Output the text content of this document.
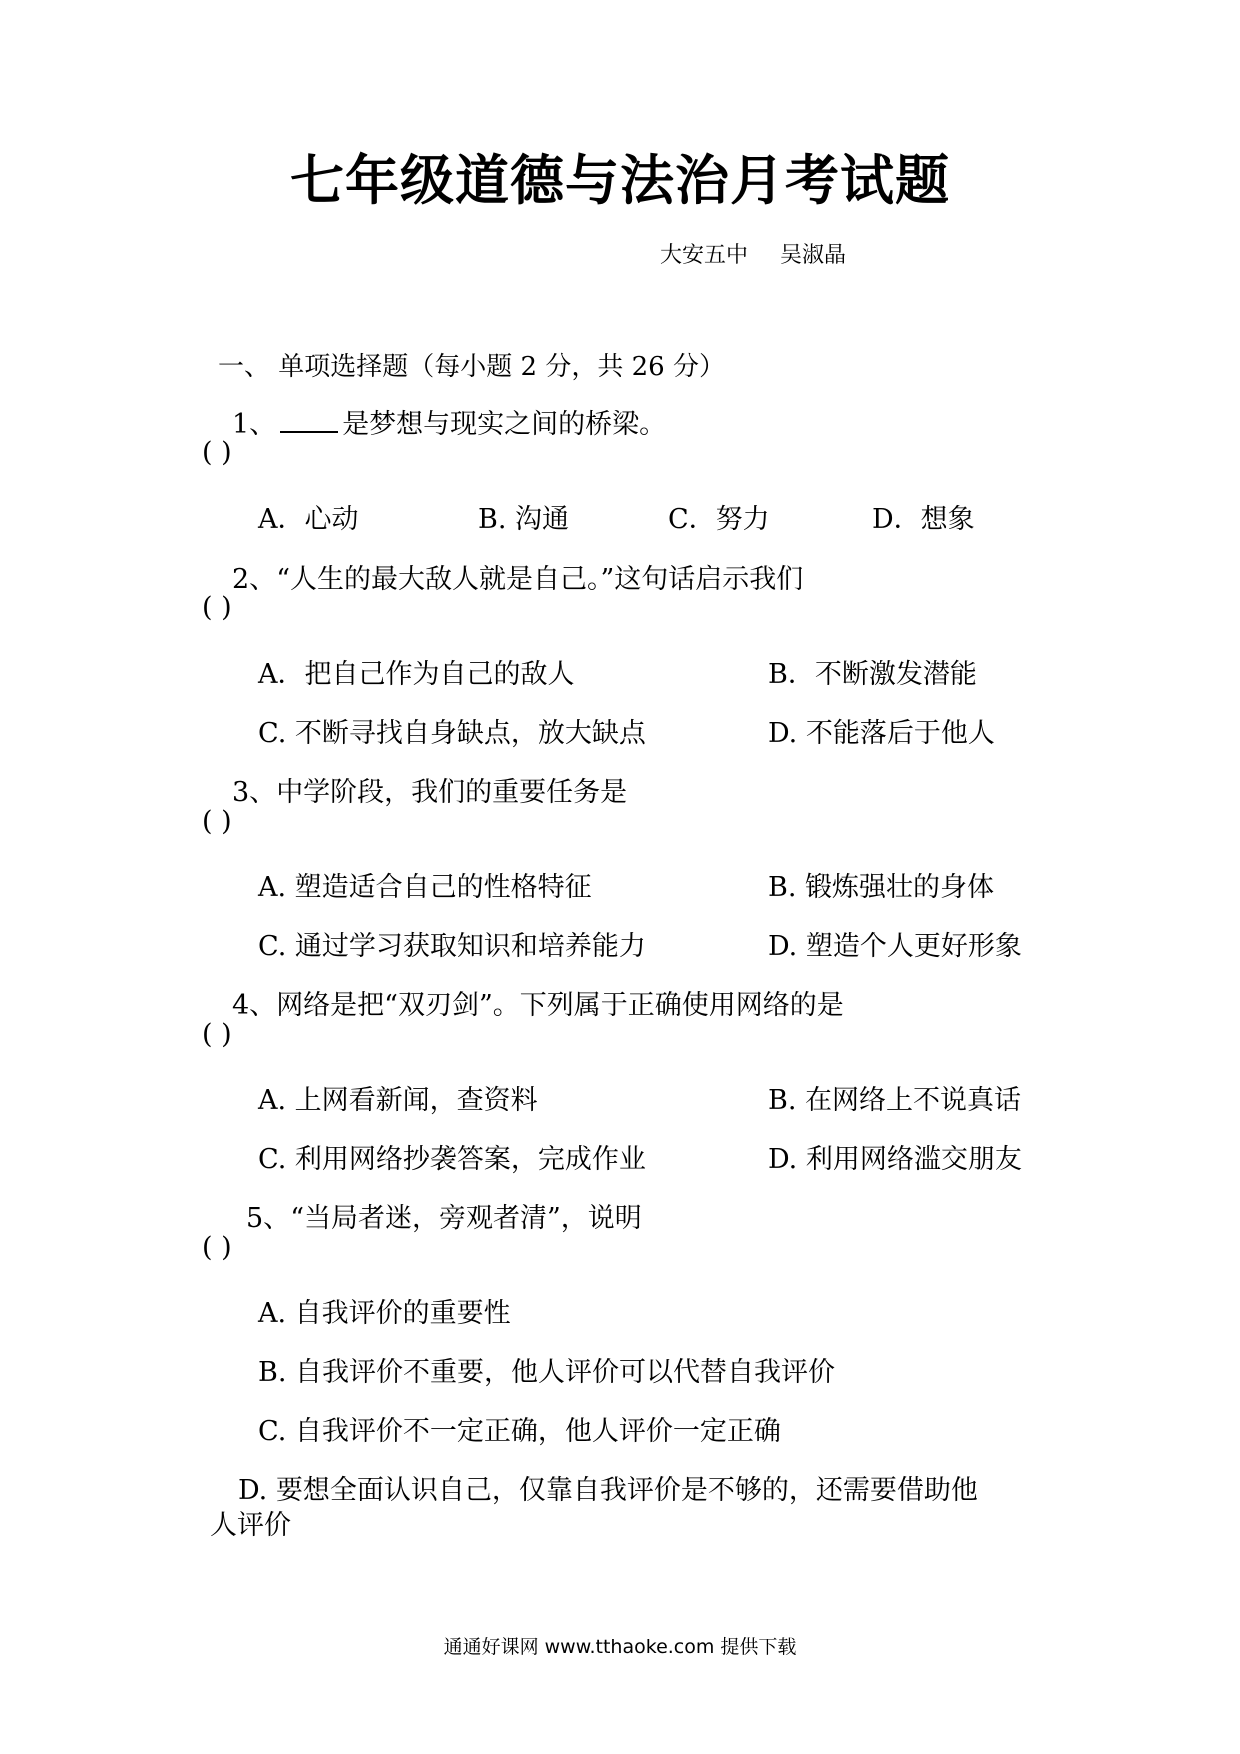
七年级道德与法治月考试题
大安五中 吴淑晶
一、 单项选择题（每小题 2 分，共 26 分）
1、 是梦想与现实之间的桥梁。
( )
A．心动	B. 沟通	C．努力	D．想象
2、“人生的最大敌人就是自己。”这句话启示我们
( )
A．把自己作为自己的敌人	B．不断激发潜能
C. 不断寻找自身缺点，放大缺点	D. 不能落后于他人
3、中学阶段，我们的重要任务是
( )
A. 塑造适合自己的性格特征	B. 锻炼强壮的身体
C. 通过学习获取知识和培养能力	D. 塑造个人更好形象
4、网络是把“双刃剑”。下列属于正确使用网络的是
( )
A. 上网看新闻，查资料	B. 在网络上不说真话
C. 利用网络抄袭答案，完成作业	D. 利用网络滥交朋友
5、“当局者迷，旁观者清”，说明
( )
A. 自我评价的重要性
B. 自我评价不重要，他人评价可以代替自我评价
C. 自我评价不一定正确，他人评价一定正确
D. 要想全面认识自己，仅靠自我评价是不够的，还需要借助他
人评价
通通好课网 www.tthaoke.com 提供下载
